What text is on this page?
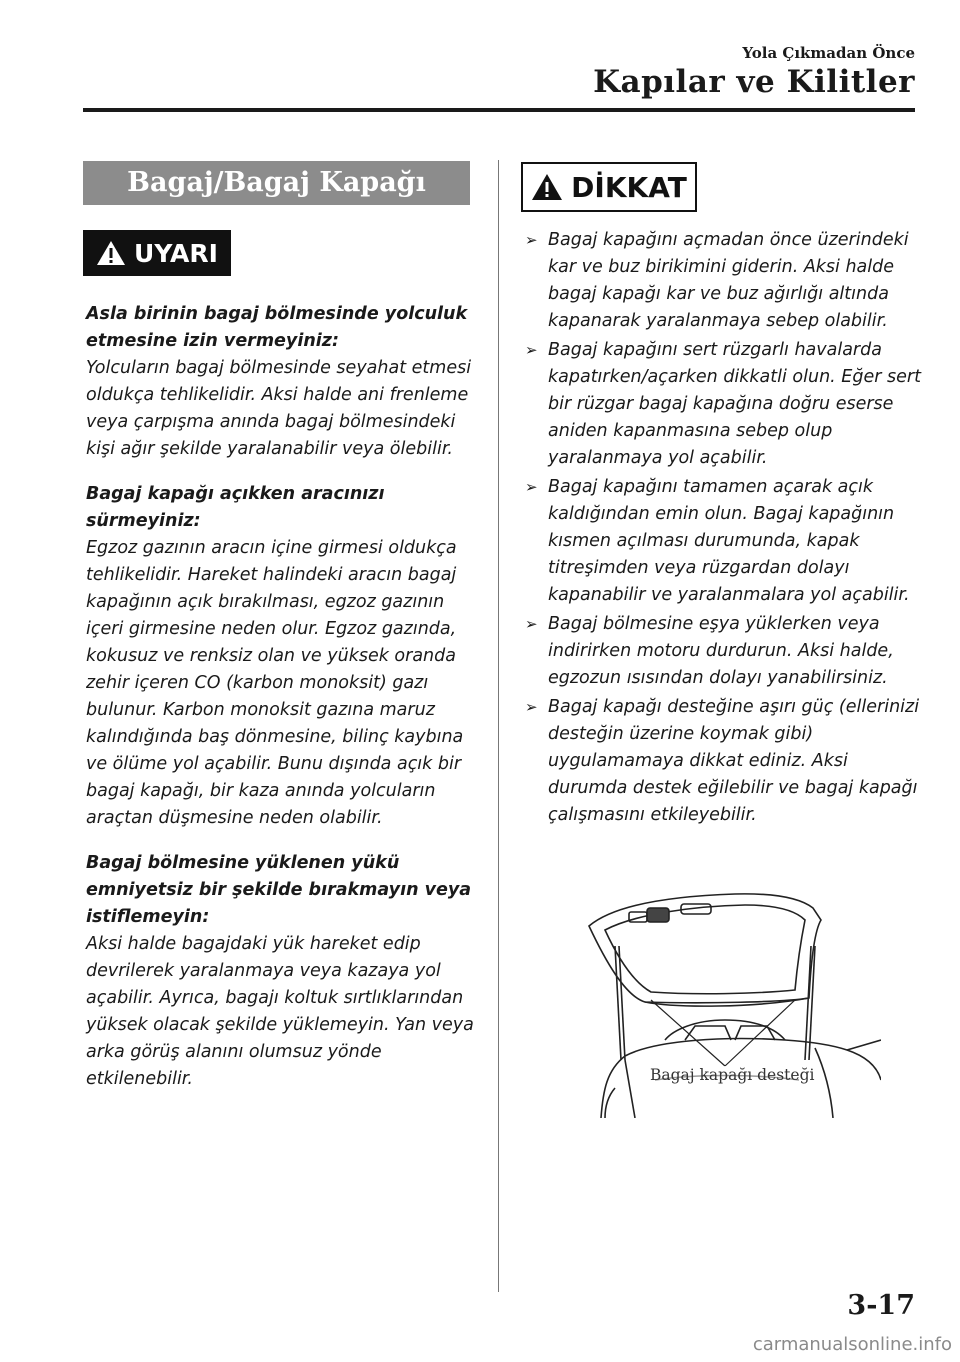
Yola Çıkmadan Önce
Kapılar ve Kilitler
Bagaj/Bagaj Kapağı
UYARI
Asla birinin bagaj bölmesinde yolculuk etmesine izin vermeyiniz:
Yolcuların bagaj bölmesinde seyahat etmesi oldukça tehlikelidir. Aksi halde ani frenleme veya çarpışma anında bagaj bölmesindeki kişi ağır şekilde yaralanabilir veya ölebilir.
Bagaj kapağı açıkken aracınızı sürmeyiniz:
Egzoz gazının aracın içine girmesi oldukça tehlikelidir. Hareket halindeki aracın bagaj kapağının açık bırakılması, egzoz gazının içeri girmesine neden olur. Egzoz gazında, kokusuz ve renksiz olan ve yüksek oranda zehir içeren CO (karbon monoksit) gazı bulunur. Karbon monoksit gazına maruz kalındığında baş dönmesine, bilinç kaybına ve ölüme yol açabilir. Bunu dışında açık bir bagaj kapağı, bir kaza anında yolcuların araçtan düşmesine neden olabilir.
Bagaj bölmesine yüklenen yükü emniyetsiz bir şekilde bırakmayın veya istiflemeyin:
Aksi halde bagajdaki yük hareket edip devrilerek yaralanmaya veya kazaya yol açabilir. Ayrıca, bagajı koltuk sırtlıklarından yüksek olacak şekilde yüklemeyin. Yan veya arka görüş alanını olumsuz yönde etkilenebilir.
DİKKAT
➢ Bagaj kapağını açmadan önce üzerindeki kar ve buz birikimini giderin. Aksi halde bagaj kapağı kar ve buz ağırlığı altında kapanarak yaralanmaya sebep olabilir.
➢ Bagaj kapağını sert rüzgarlı havalarda kapatırken/açarken dikkatli olun. Eğer sert bir rüzgar bagaj kapağına doğru eserse aniden kapanmasına sebep olup yaralanmaya yol açabilir.
➢ Bagaj kapağını tamamen açarak açık kaldığından emin olun. Bagaj kapağının kısmen açılması durumunda, kapak titreşimden veya rüzgardan dolayı kapanabilir ve yaralanmalara yol açabilir.
➢ Bagaj bölmesine eşya yüklerken veya indirirken motoru durdurun. Aksi halde, egzozun ısısından dolayı yanabilirsiniz.
➢ Bagaj kapağı desteğine aşırı güç (ellerinizi desteğin üzerine koymak gibi) uygulamamaya dikkat ediniz. Aksi durumda destek eğilebilir ve bagaj kapağı çalışmasını etkileyebilir.
Bagaj kapağı desteği
3-17
carmanualsonline.info
